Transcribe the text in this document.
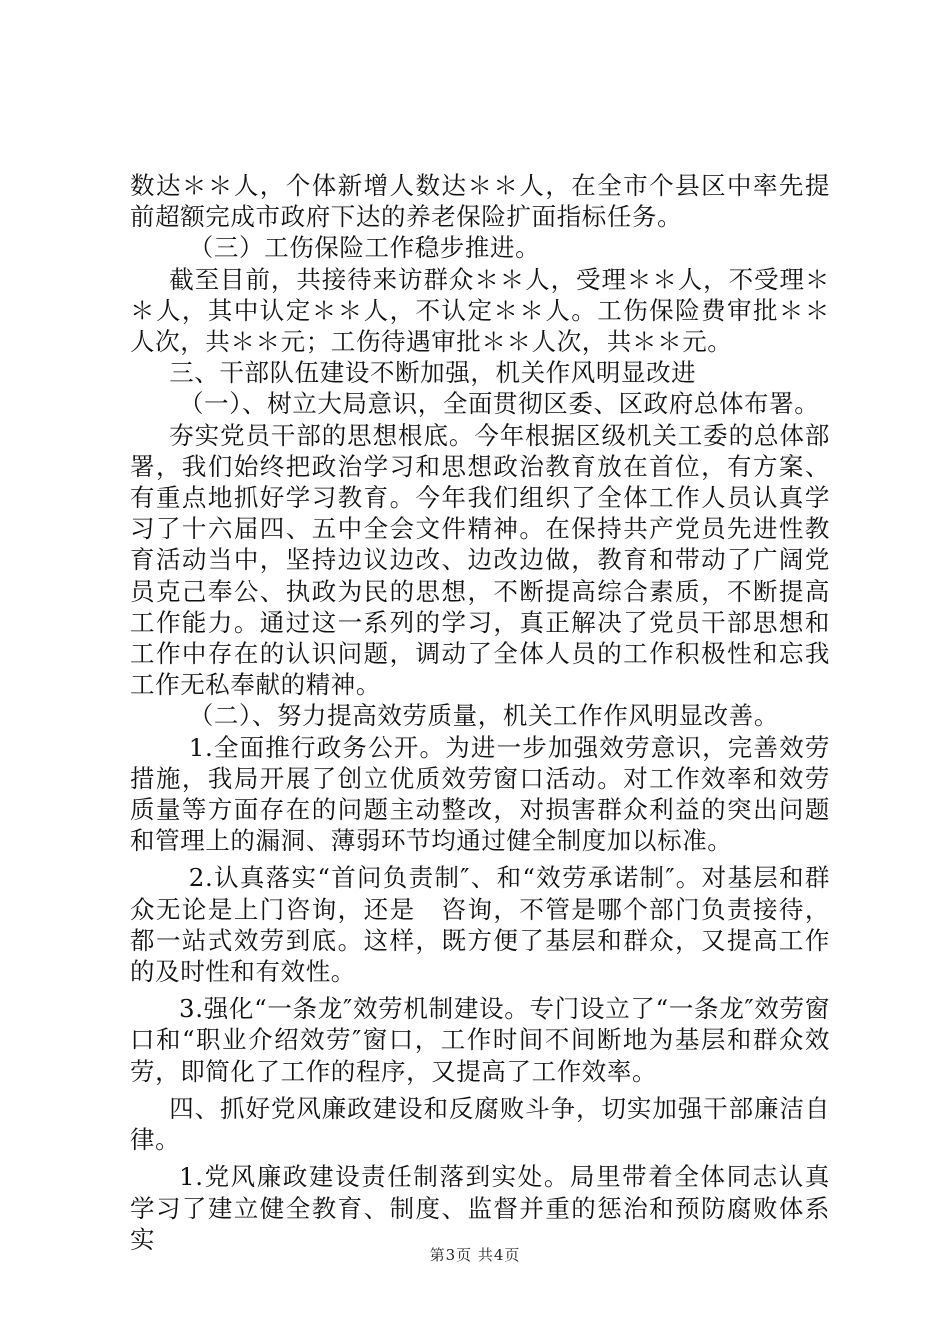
数达＊＊人，个体新增人数达＊＊人，在全市个县区中率先提前超额完成市政府下达的养老保险扩面指标任务。

（三）工伤保险工作稳步推进。

截至目前，共接待来访群众＊＊人，受理＊＊人，不受理＊＊人，其中认定＊＊人，不认定＊＊人。工伤保险费审批＊＊人次，共＊＊元；工伤待遇审批＊＊人次，共＊＊元。

三、干部队伍建设不断加强，机关作风明显改进

（一）、树立大局意识，全面贯彻区委、区政府总体布署。

夯实党员干部的思想根底。今年根据区级机关工委的总体部署，我们始终把政治学习和思想政治教育放在首位，有方案、有重点地抓好学习教育。今年我们组织了全体工作人员认真学习了十六届四、五中全会文件精神。在保持共产党员先进性教育活动当中，坚持边议边改、边改边做，教育和带动了广阔党员克己奉公、执政为民的思想，不断提高综合素质，不断提高工作能力。通过这一系列的学习，真正解决了党员干部思想和工作中存在的认识问题，调动了全体人员的工作积极性和忘我工作无私奉献的精神。

（二）、努力提高效劳质量，机关工作作风明显改善。

1.全面推行政务公开。为进一步加强效劳意识，完善效劳措施，我局开展了创立优质效劳窗口活动。对工作效率和效劳质量等方面存在的问题主动整改，对损害群众利益的突出问题和管理上的漏洞、薄弱环节均通过健全制度加以标准。

2.认真落实“首问负责制″、和“效劳承诺制″。对基层和群众无论是上门咨询，还是　咨询，不管是哪个部门负责接待，都一站式效劳到底。这样，既方便了基层和群众，又提高工作的及时性和有效性。

3.强化“一条龙″效劳机制建设。专门设立了“一条龙″效劳窗口和“职业介绍效劳″窗口，工作时间不间断地为基层和群众效劳，即简化了工作的程序，又提高了工作效率。

四、抓好党风廉政建设和反腐败斗争，切实加强干部廉洁自律。

1.党风廉政建设责任制落到实处。局里带着全体同志认真学习了建立健全教育、制度、监督并重的惩治和预防腐败体系实

第3页 共4页
